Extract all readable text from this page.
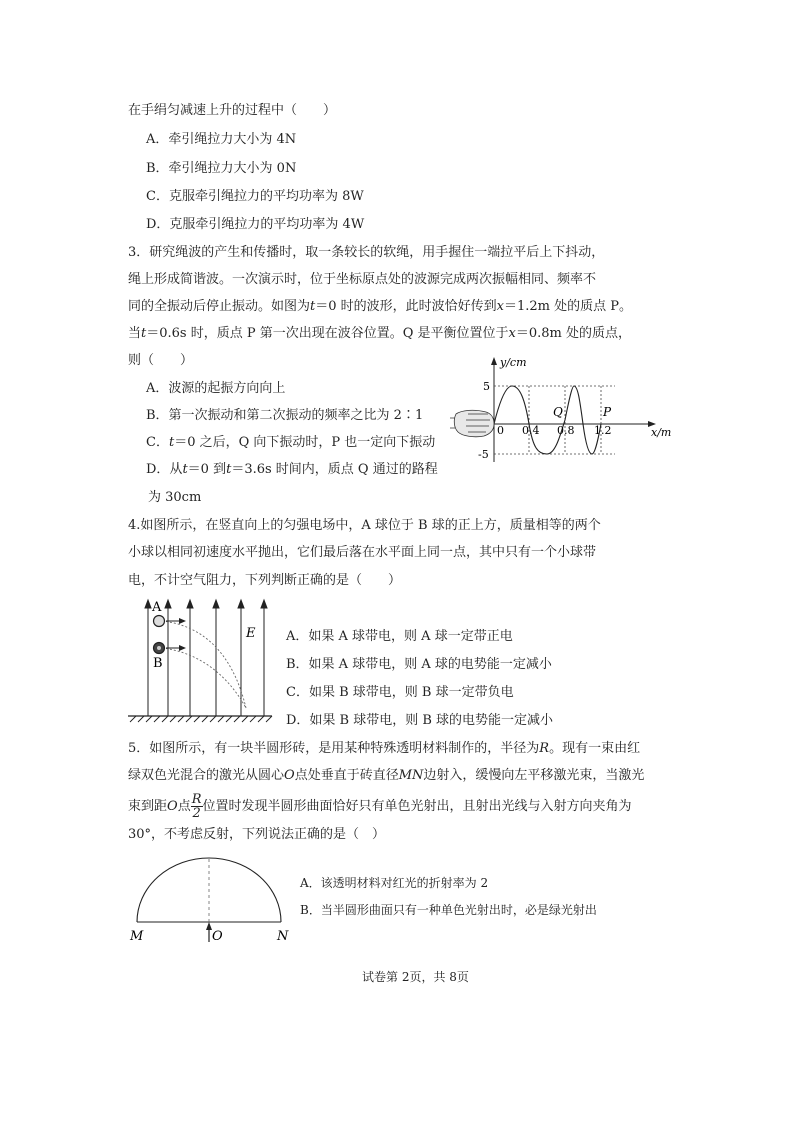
在手绢匀减速上升的过程中（　　）
A．牵引绳拉力大小为 4N
B．牵引绳拉力大小为 0N
C．克服牵引绳拉力的平均功率为 8W
D．克服牵引绳拉力的平均功率为 4W
3．研究绳波的产生和传播时，取一条较长的软绳，用手握住一端拉平后上下抖动，
绳上形成简谐波。一次演示时，位于坐标原点处的波源完成两次振幅相同、频率不
同的全振动后停止振动。如图为t＝0 时的波形，此时波恰好传到x＝1.2m 处的质点 P。
当t＝0.6s 时，质点 P 第一次出现在波谷位置。Q 是平衡位置位于x＝0.8m 处的质点，
则（　　）
A．波源的起振方向向上
B．第一次振动和第二次振动的频率之比为 2∶1
C．t＝0 之后，Q 向下振动时，P 也一定向下振动
D．从t＝0 到t＝3.6s 时间内，质点 Q 通过的路程
为 30cm
y/cm
x/m
5
-5
0 0.4 0.8 1.2
Q	P
4.如图所示，在竖直向上的匀强电场中，A 球位于 B 球的正上方，质量相等的两个
小球以相同初速度水平抛出，它们最后落在水平面上同一点，其中只有一个小球带
电，不计空气阻力，下列判断正确的是（　　）
A．如果 A 球带电，则 A 球一定带正电
B．如果 A 球带电，则 A 球的电势能一定减小
C．如果 B 球带电，则 B 球一定带负电
D．如果 B 球带电，则 B 球的电势能一定减小
A
B
E
5．如图所示，有一块半圆形砖，是用某种特殊透明材料制作的，半径为R。现有一束由红
绿双色光混合的激光从圆心O点处垂直于砖直径MN边射入，缓慢向左平移激光束，当激光
束到距O点 $\frac{R}{2}$ 位置时发现半圆形曲面恰好只有单色光射出，且射出光线与入射方向夹角为
30°，不考虑反射，下列说法正确的是（　）
A．该透明材料对红光的折射率为 2
B．当半圆形曲面只有一种单色光射出时，必是绿光射出
M	O	N
试卷第 2页，共 8页
